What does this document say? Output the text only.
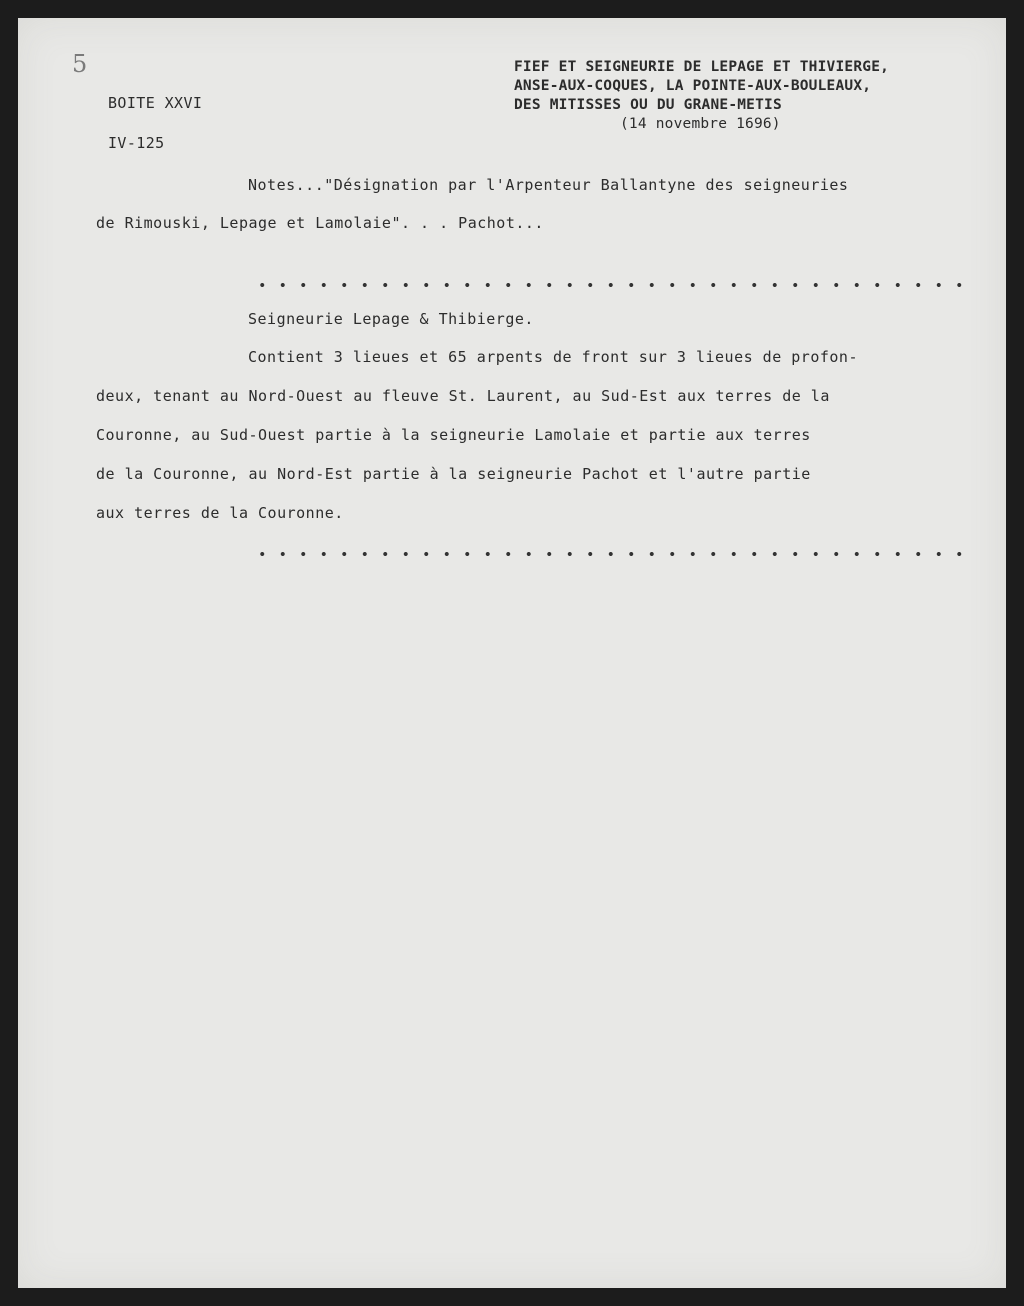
5
BOITE XXVI
IV-125
FIEF ET SEIGNEURIE DE LEPAGE ET THIVIERGE,
ANSE-AUX-COQUES, LA POINTE-AUX-BOULEAUX,
DES MITISSES OU DU GRANE-METIS
(14 novembre 1696)
Notes..."Désignation par l'Arpenteur Ballantyne des seigneuries
de Rimouski, Lepage et Lamolaie". . . Pachot...
Seigneurie Lepage & Thibierge.
Contient 3 lieues et 65 arpents de front sur 3 lieues de profon-
deux, tenant au Nord-Ouest au fleuve St. Laurent, au Sud-Est aux terres de la
Couronne, au Sud-Ouest partie à la seigneurie Lamolaie et partie aux terres
de la Couronne, au Nord-Est partie à la seigneurie Pachot et l'autre partie
aux terres de la Couronne.
